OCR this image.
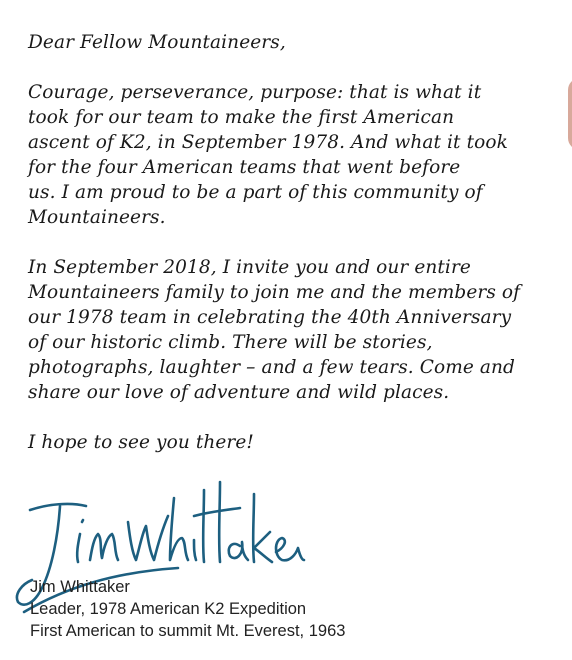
Dear Fellow Mountaineers,
Courage, perseverance, purpose: that is what it
took for our team to make the first American
ascent of K2, in September 1978. And what it took
for the four American teams that went before
us. I am proud to be a part of this community of
Mountaineers.
In September 2018, I invite you and our entire
Mountaineers family to join me and the members of
our 1978 team in celebrating the 40th Anniversary
of our historic climb. There will be stories,
photographs, laughter – and a few tears. Come and
share our love of adventure and wild places.
I hope to see you there!
Jim Whittaker
Leader, 1978 American K2 Expedition
First American to summit Mt. Everest, 1963
